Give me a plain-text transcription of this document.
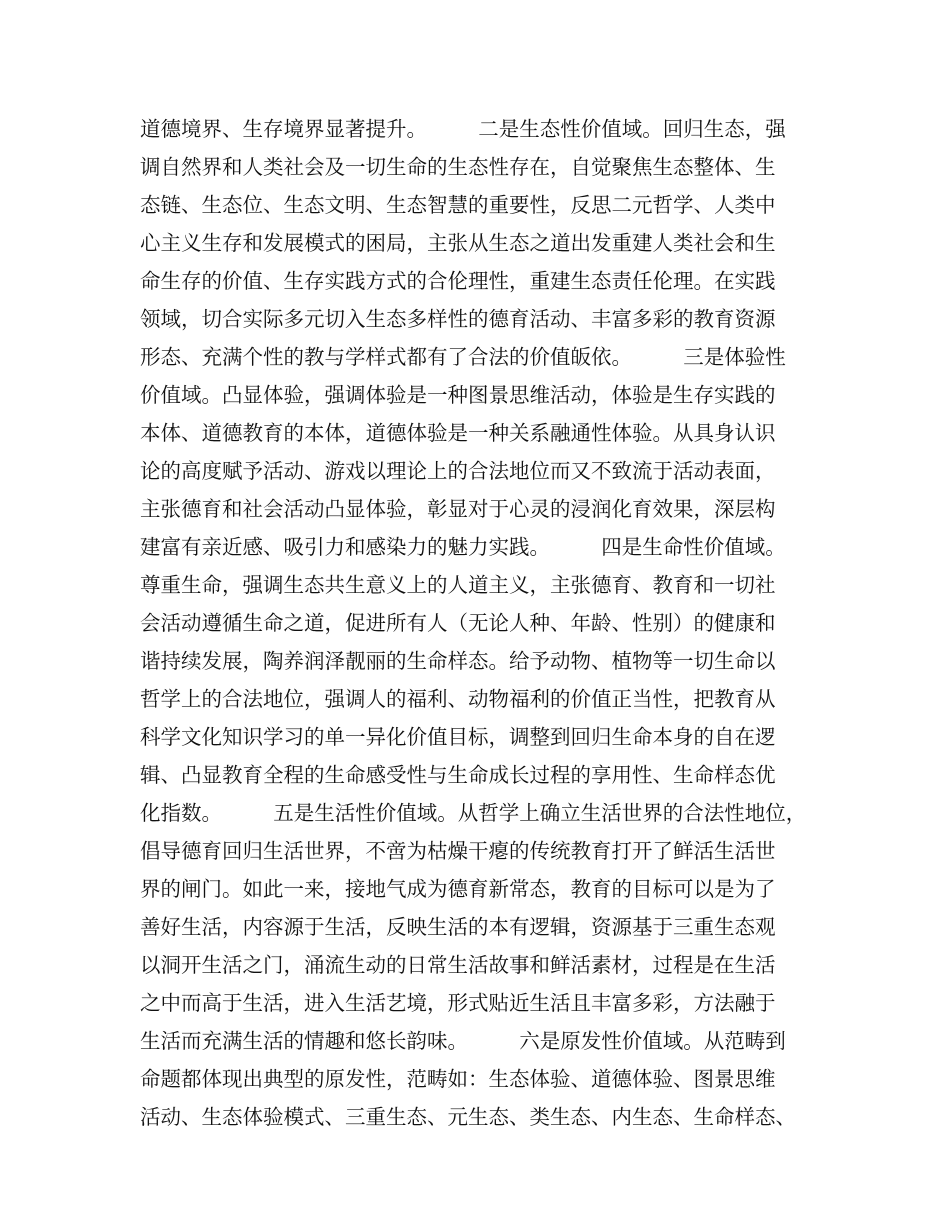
道德境界、生存境界显著提升。　　　二是生态性价值域。回归生态，强
调自然界和人类社会及一切生命的生态性存在，自觉聚焦生态整体、生
态链、生态位、生态文明、生态智慧的重要性，反思二元哲学、人类中
心主义生存和发展模式的困局，主张从生态之道出发重建人类社会和生
命生存的价值、生存实践方式的合伦理性，重建生态责任伦理。在实践
领域，切合实际多元切入生态多样性的德育活动、丰富多彩的教育资源
形态、充满个性的教与学样式都有了合法的价值皈依。　　　三是体验性
价值域。凸显体验，强调体验是一种图景思维活动，体验是生存实践的
本体、道德教育的本体，道德体验是一种关系融通性体验。从具身认识
论的高度赋予活动、游戏以理论上的合法地位而又不致流于活动表面，
主张德育和社会活动凸显体验，彰显对于心灵的浸润化育效果，深层构
建富有亲近感、吸引力和感染力的魅力实践。　　　四是生命性价值域。
尊重生命，强调生态共生意义上的人道主义，主张德育、教育和一切社
会活动遵循生命之道，促进所有人（无论人种、年龄、性别）的健康和
谐持续发展，陶养润泽靓丽的生命样态。给予动物、植物等一切生命以
哲学上的合法地位，强调人的福利、动物福利的价值正当性，把教育从
科学文化知识学习的单一异化价值目标，调整到回归生命本身的自在逻
辑、凸显教育全程的生命感受性与生命成长过程的享用性、生命样态优
化指数。　　　五是生活性价值域。从哲学上确立生活世界的合法性地位，
倡导德育回归生活世界，不啻为枯燥干瘪的传统教育打开了鲜活生活世
界的闸门。如此一来，接地气成为德育新常态，教育的目标可以是为了
善好生活，内容源于生活，反映生活的本有逻辑，资源基于三重生态观
以洞开生活之门，涌流生动的日常生活故事和鲜活素材，过程是在生活
之中而高于生活，进入生活艺境，形式贴近生活且丰富多彩，方法融于
生活而充满生活的情趣和悠长韵味。　　　六是原发性价值域。从范畴到
命题都体现出典型的原发性，范畴如：生态体验、道德体验、图景思维
活动、生态体验模式、三重生态、元生态、类生态、内生态、生命样态、
